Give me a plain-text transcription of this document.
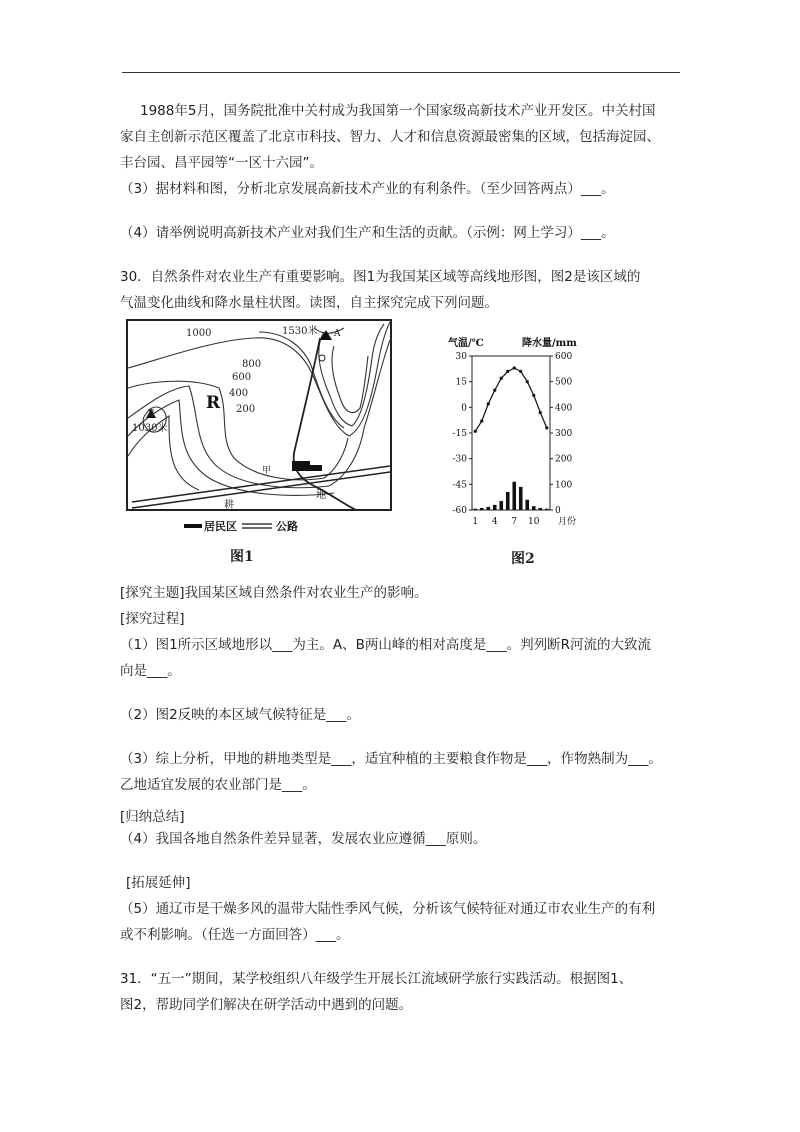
1988年5月，国务院批准中关村成为我国第一个国家级高新技术产业开发区。中关村国
家自主创新示范区覆盖了北京市科技、智力、人才和信息资源最密集的区域，包括海淀园、
丰台园、昌平园等“一区十六园”。
（3）据材料和图，分析北京发展高新技术产业的有利条件。（至少回答两点）___。
（4）请举例说明高新技术产业对我们生产和生活的贡献。（示例：网上学习）___。
30．自然条件对农业生产有重要影响。图1为我国某区域等高线地形图，图2是该区域的
气温变化曲线和降水量柱状图。读图，自主探究完成下列问题。
1000
800
600
400
200
1530米 A
B
1030米
甲
耕
地
R
居民区	公路
图1
气温/℃	降水量/mm
30
15
0
-15
-30
-45
-60
600
500
400
300
200
100
0
1 4 7 10 月份
图2
[探究主题]我国某区域自然条件对农业生产的影响。
[探究过程]
（1）图1所示区域地形以___为主。A、B两山峰的相对高度是___。判列断R河流的大致流
向是___。
（2）图2反映的本区域气候特征是___。
（3）综上分析，甲地的耕地类型是___，适宜种植的主要粮食作物是___，作物熟制为___。
乙地适宜发展的农业部门是___。
[归纳总结]
（4）我国各地自然条件差异显著，发展农业应遵循___原则。
[拓展延伸]
（5）通辽市是干燥多风的温带大陆性季风气候，分析该气候特征对通辽市农业生产的有利
或不利影响。（任选一方面回答）___。
31．“五一”期间，某学校组织八年级学生开展长江流域研学旅行实践活动。根据图1、
图2，帮助同学们解决在研学活动中遇到的问题。
